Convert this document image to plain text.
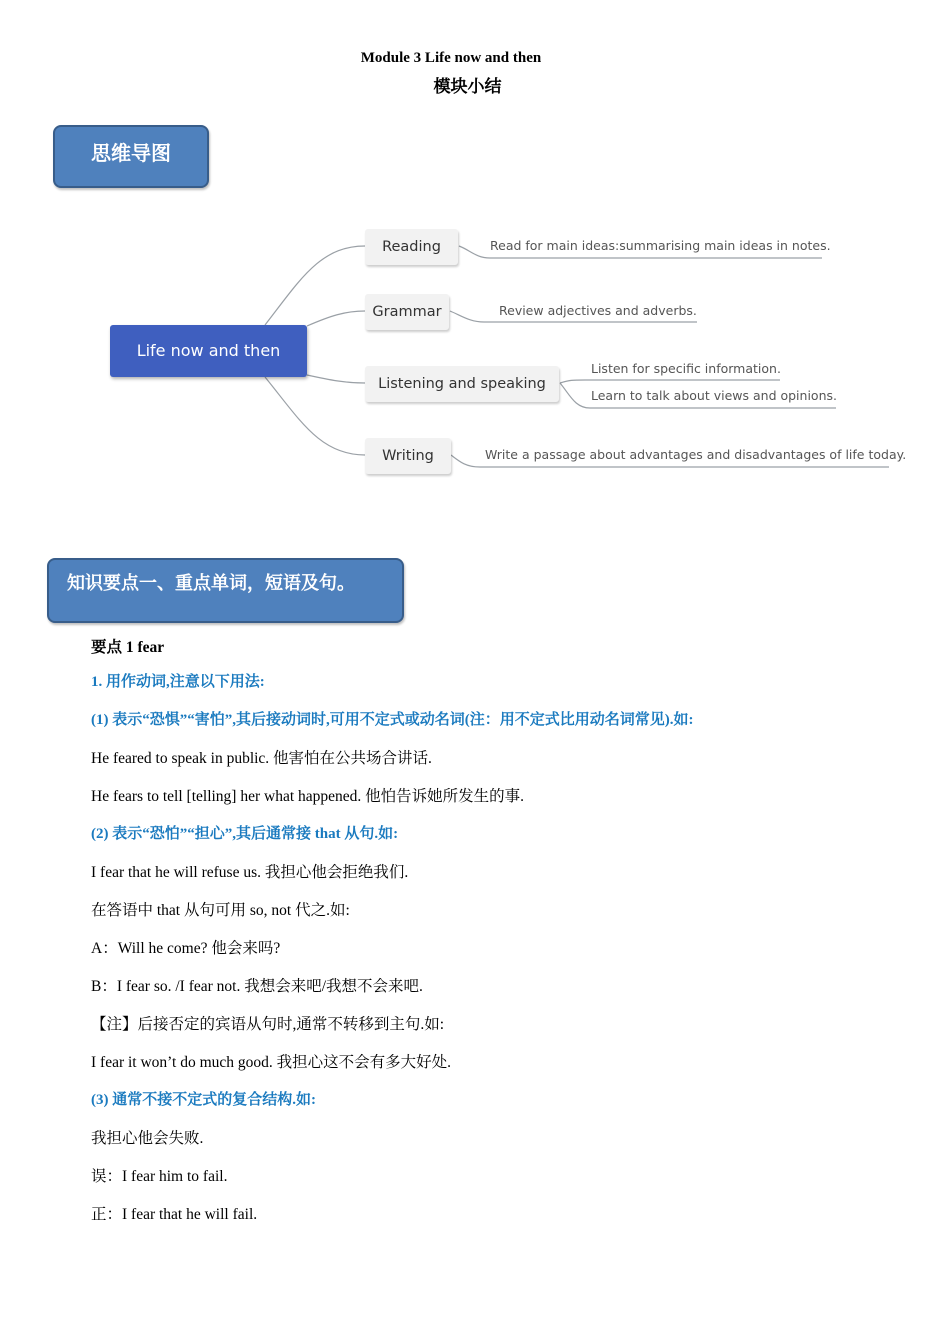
Module 3 Life now and then
模块小结
思维导图
Life now and then
Reading
Grammar
Listening and speaking
Writing
Read for main ideas:summarising main ideas in notes.
Review adjectives and adverbs.
Listen for specific information.
Learn to talk about views and opinions.
Write a passage about advantages and disadvantages of life today.
知识要点一、重点单词，短语及句。
要点 1 fear
1. 用作动词,注意以下用法:
(1) 表示“恐惧”“害怕”,其后接动词时,可用不定式或动名词(注：用不定式比用动名词常见).如:
He feared to speak in public. 他害怕在公共场合讲话.
He fears to tell [telling] her what happened. 他怕告诉她所发生的事.
(2) 表示“恐怕”“担心”,其后通常接 that 从句.如:
I fear that he will refuse us. 我担心他会拒绝我们.
在答语中 that 从句可用 so, not 代之.如:
A：Will he come? 他会来吗?
B：I fear so. /I fear not. 我想会来吧/我想不会来吧.
【注】后接否定的宾语从句时,通常不转移到主句.如:
I fear it won’t do much good. 我担心这不会有多大好处.
(3) 通常不接不定式的复合结构.如:
我担心他会失败.
误：I fear him to fail.
正：I fear that he will fail.
